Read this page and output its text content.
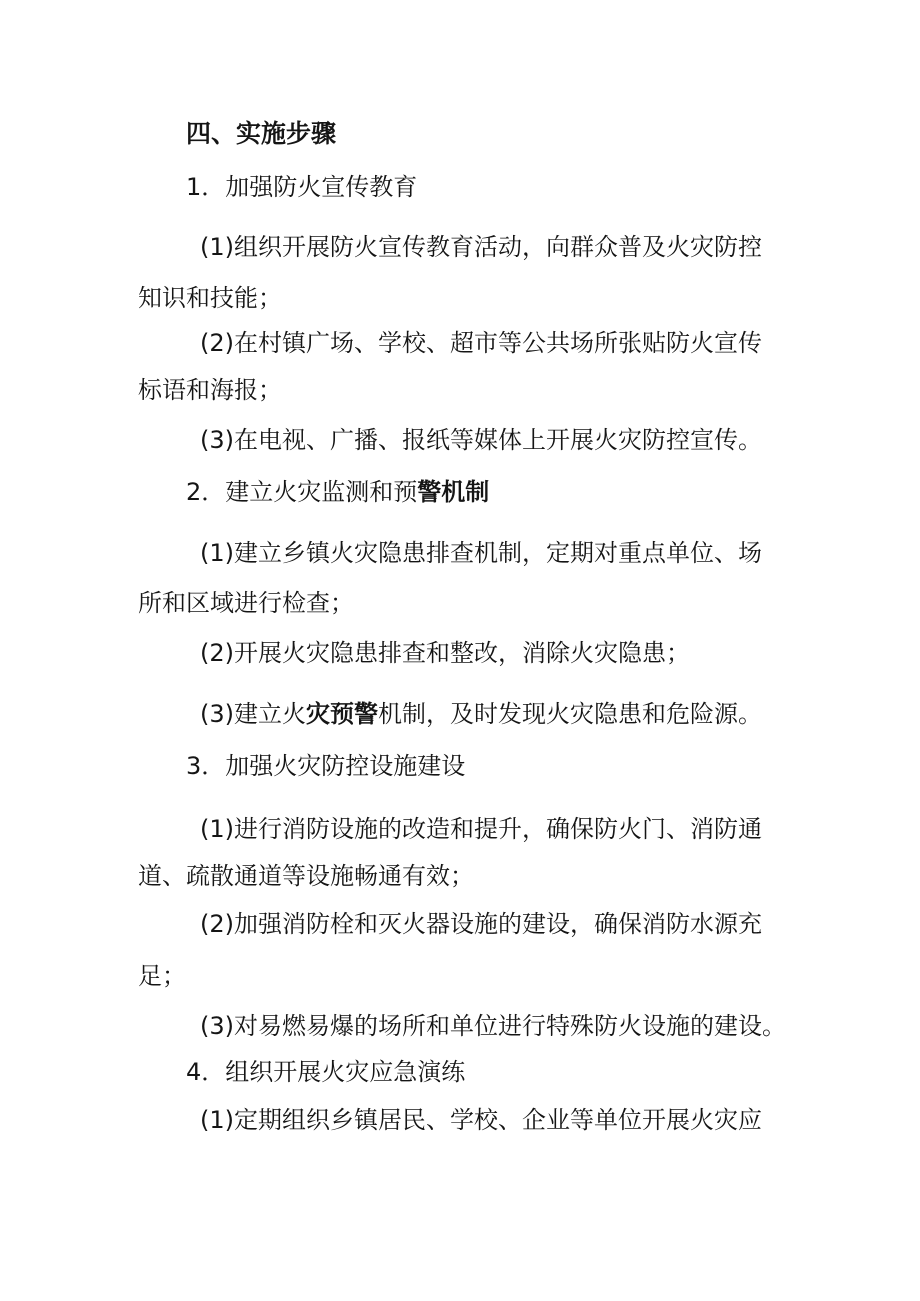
四、实施步骤
1．加强防火宣传教育
(1)组织开展防火宣传教育活动，向群众普及火灾防控
知识和技能；
(2)在村镇广场、学校、超市等公共场所张贴防火宣传
标语和海报；
(3)在电视、广播、报纸等媒体上开展火灾防控宣传。
2．建立火灾监测和预警机制
(1)建立乡镇火灾隐患排查机制，定期对重点单位、场
所和区域进行检查；
(2)开展火灾隐患排查和整改，消除火灾隐患；
(3)建立火灾预警机制，及时发现火灾隐患和危险源。
3．加强火灾防控设施建设
(1)进行消防设施的改造和提升，确保防火门、消防通
道、疏散通道等设施畅通有效；
(2)加强消防栓和灭火器设施的建设，确保消防水源充
足；
(3)对易燃易爆的场所和单位进行特殊防火设施的建设。
4．组织开展火灾应急演练
(1)定期组织乡镇居民、学校、企业等单位开展火灾应
